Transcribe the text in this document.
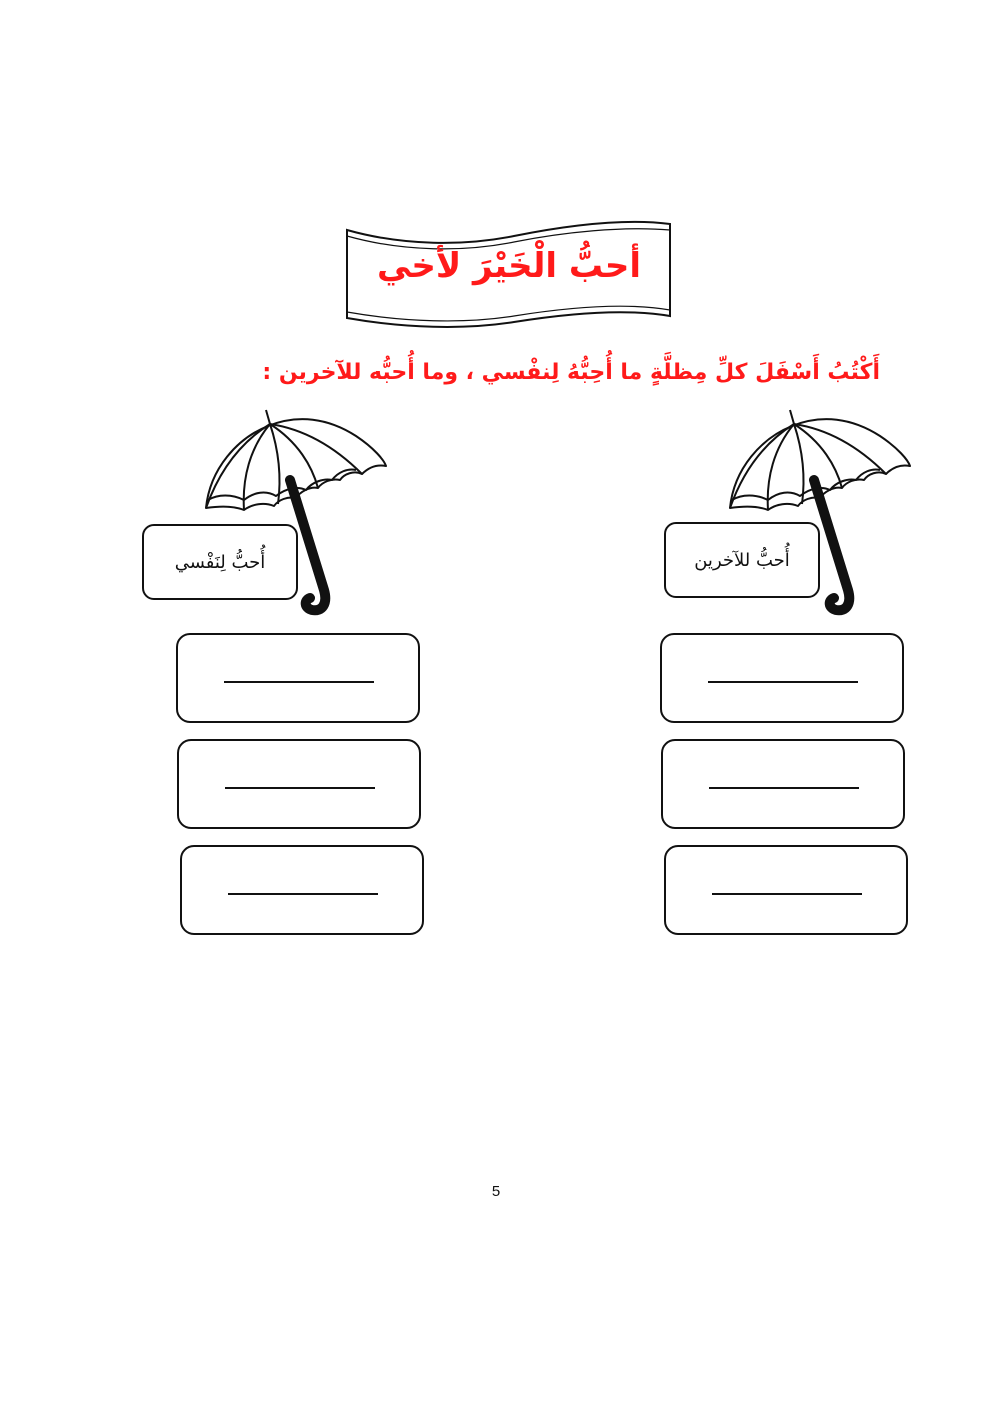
أحبُّ الْخَيْرَ لأخي
أَكْتُبُ أَسْفَلَ كلِّ مِظلَّةٍ ما أُحِبُّهُ لِنفْسي ، وما أُحبُّه للآخرين :
أُحبُّ لِنَفْسي	أُحبُّ للآخرين
5
